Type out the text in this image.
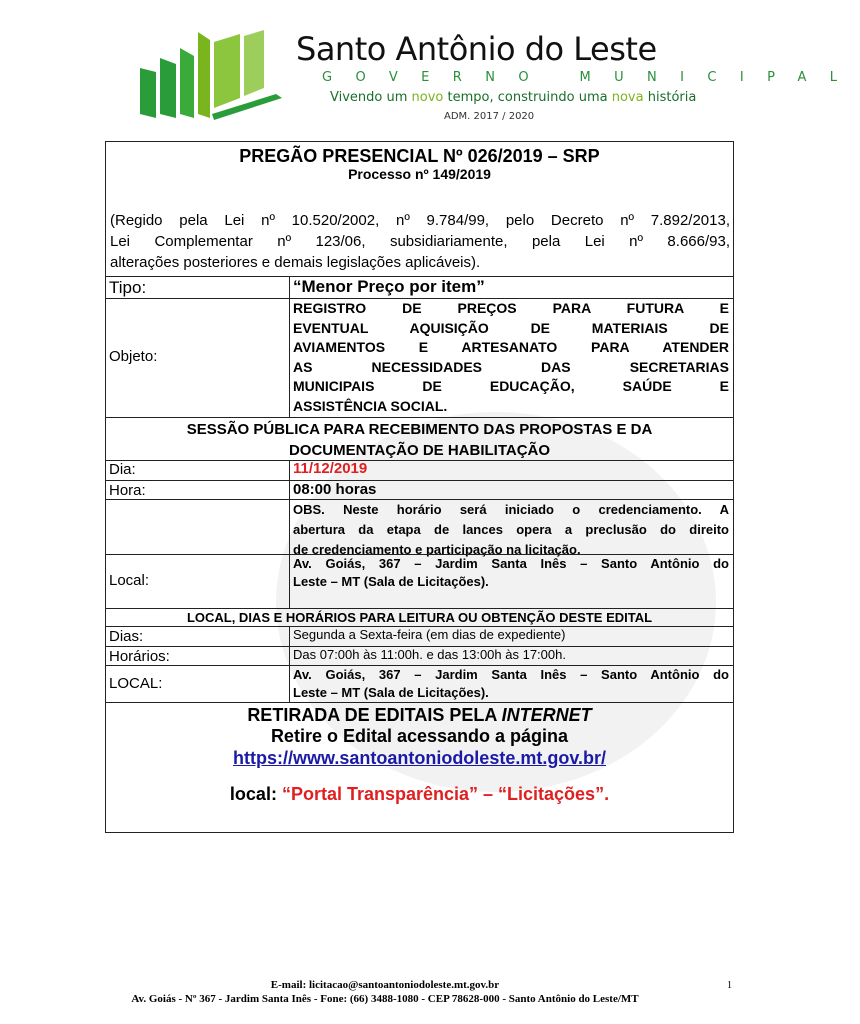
Santo Antônio do Leste
GOVERNO MUNICIPAL
Vivendo um novo tempo, construindo uma nova história
ADM. 2017 / 2020
PREGÃO PRESENCIAL Nº 026/2019 – SRP
Processo nº 149/2019
(Regido pela Lei nº 10.520/2002, nº 9.784/99, pelo Decreto nº 7.892/2013,
Lei Complementar nº 123/06, subsidiariamente, pela Lei nº 8.666/93,
alterações posteriores e demais legislações aplicáveis).
Tipo:	“Menor Preço por item”
Objeto:
REGISTRO DE PREÇOS PARA FUTURA E
EVENTUAL AQUISIÇÃO DE MATERIAIS DE
AVIAMENTOS E ARTESANATO PARA ATENDER
AS NECESSIDADES DAS SECRETARIAS
MUNICIPAIS DE EDUCAÇÃO, SAÚDE E
ASSISTÊNCIA SOCIAL.
SESSÃO PÚBLICA PARA RECEBIMENTO DAS PROPOSTAS E DA
DOCUMENTAÇÃO DE HABILITAÇÃO
Dia:	11/12/2019
Hora:	08:00 horas
OBS. Neste horário será iniciado o credenciamento. A
abertura da etapa de lances opera a preclusão do direito
de credenciamento e participação na licitação.
Local:
Av. Goiás, 367 – Jardim Santa Inês – Santo Antônio do
Leste – MT (Sala de Licitações).
LOCAL, DIAS E HORÁRIOS PARA LEITURA OU OBTENÇÃO DESTE EDITAL
Dias:	Segunda a Sexta-feira (em dias de expediente)
Horários:	Das 07:00h às 11:00h. e das 13:00h às 17:00h.
LOCAL:
Av. Goiás, 367 – Jardim Santa Inês – Santo Antônio do
Leste – MT (Sala de Licitações).
RETIRADA DE EDITAIS PELA INTERNET
Retire o Edital acessando a página
https://www.santoantoniodoleste.mt.gov.br/
local: “Portal Transparência” – “Licitações”.
E-mail: licitacao@santoantoniodoleste.mt.gov.br	1
Av. Goiás - Nº 367 - Jardim Santa Inês - Fone: (66) 3488-1080 - CEP 78628-000 - Santo Antônio do Leste/MT
